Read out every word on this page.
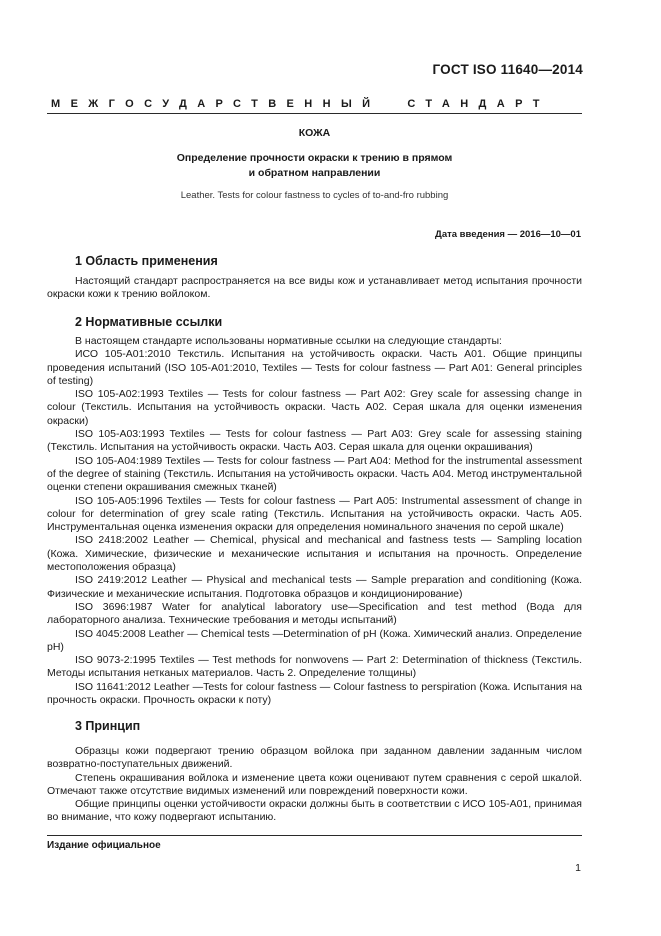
ГОСТ ISO 11640—2014
МЕЖГОСУДАРСТВЕННЫЙ  СТАНДАРТ
КОЖА
Определение прочности окраски к трению в прямом
и обратном направлении
Leather. Tests for colour fastness to cycles of to-and-fro rubbing
Дата введения — 2016—10—01
1 Область применения

Настоящий стандарт распространяется на все виды кож и устанавливает метод испытания прочности окраски кожи к трению войлоком.

2 Нормативные ссылки

В настоящем стандарте использованы нормативные ссылки на следующие стандарты:

ИСО 105-А01:2010 Текстиль. Испытания на устойчивость окраски. Часть А01. Общие принципы проведения испытаний (ISO 105-A01:2010, Textiles — Tests for colour fastness — Part A01: General principles of testing)

ISO 105-A02:1993 Textiles — Tests for colour fastness — Part A02: Grey scale for assessing change in colour (Текстиль. Испытания на устойчивость окраски. Часть А02. Серая шкала для оценки изменения окраски)

ISO 105-A03:1993 Textiles — Tests for colour fastness — Part A03: Grey scale for assessing staining (Текстиль. Испытания на устойчивость окраски. Часть А03. Серая шкала для оценки окрашивания)

ISO 105-A04:1989 Textiles — Tests for colour fastness — Part A04: Method for the instrumental assessment of the degree of staining (Текстиль. Испытания на устойчивость окраски. Часть А04. Метод инструментальной оценки степени окрашивания смежных тканей)

ISO 105-A05:1996 Textiles — Tests for colour fastness — Part A05: Instrumental assessment of change in colour for determination of grey scale rating (Текстиль. Испытания на устойчивость окраски. Часть А05. Инструментальная оценка изменения окраски для определения номинального значения по серой шкале)

ISO 2418:2002 Leather — Chemical, physical and mechanical and fastness tests — Sampling location (Кожа. Химические, физические и механические испытания и испытания на прочность. Определение местоположения образца)

ISO 2419:2012 Leather — Physical and mechanical tests — Sample preparation and conditioning (Кожа. Физические и механические испытания. Подготовка образцов и кондиционирование)

ISO 3696:1987 Water for analytical laboratory use—Specification and test method (Вода для лабораторного анализа. Технические требования и методы испытаний)

ISO 4045:2008 Leather — Chemical tests —Determination of pH (Кожа. Химический анализ. Определение pH)

ISO 9073-2:1995 Textiles — Test methods for nonwovens — Part 2: Determination of thickness (Текстиль. Методы испытания нетканых материалов. Часть 2. Определение толщины)

ISO 11641:2012 Leather —Tests for colour fastness — Colour fastness to perspiration (Кожа. Испытания на прочность окраски. Прочность окраски к поту)

3 Принцип

Образцы кожи подвергают трению образцом войлока при заданном давлении заданным числом возвратно-поступательных движений.

Степень окрашивания войлока и изменение цвета кожи оценивают путем сравнения с серой шкалой. Отмечают также отсутствие видимых изменений или повреждений поверхности кожи.

Общие принципы оценки устойчивости окраски должны быть в соответствии с ИСО 105-А01, принимая во внимание, что кожу подвергают испытанию.

Издание официальное
1
